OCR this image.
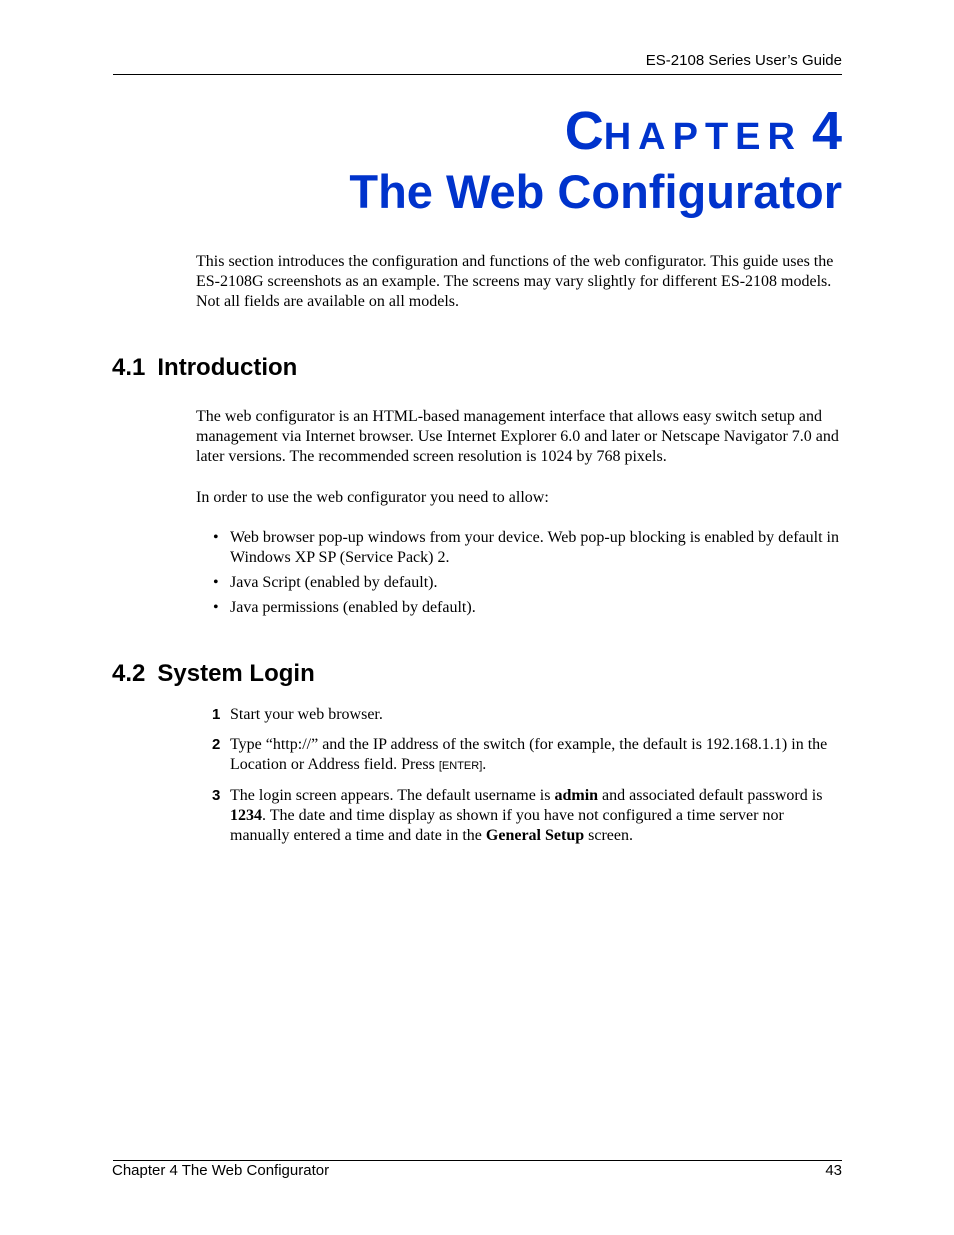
ES-2108 Series User’s Guide
CHAPTER 4
The Web Configurator
This section introduces the configuration and functions of the web configurator. This guide uses the ES-2108G screenshots as an example. The screens may vary slightly for different ES-2108 models. Not all fields are available on all models.
4.1 Introduction
The web configurator is an HTML-based management interface that allows easy switch setup and management via Internet browser. Use Internet Explorer 6.0 and later or Netscape Navigator 7.0 and later versions. The recommended screen resolution is 1024 by 768 pixels.
In order to use the web configurator you need to allow:
• Web browser pop-up windows from your device. Web pop-up blocking is enabled by default in Windows XP SP (Service Pack) 2.
• Java Script (enabled by default).
• Java permissions (enabled by default).
4.2 System Login
1 Start your web browser.
2 Type “http://” and the IP address of the switch (for example, the default is 192.168.1.1) in the Location or Address field. Press [ENTER].
3 The login screen appears. The default username is admin and associated default password is 1234. The date and time display as shown if you have not configured a time server nor manually entered a time and date in the General Setup screen.
Chapter 4 The Web Configurator	43
